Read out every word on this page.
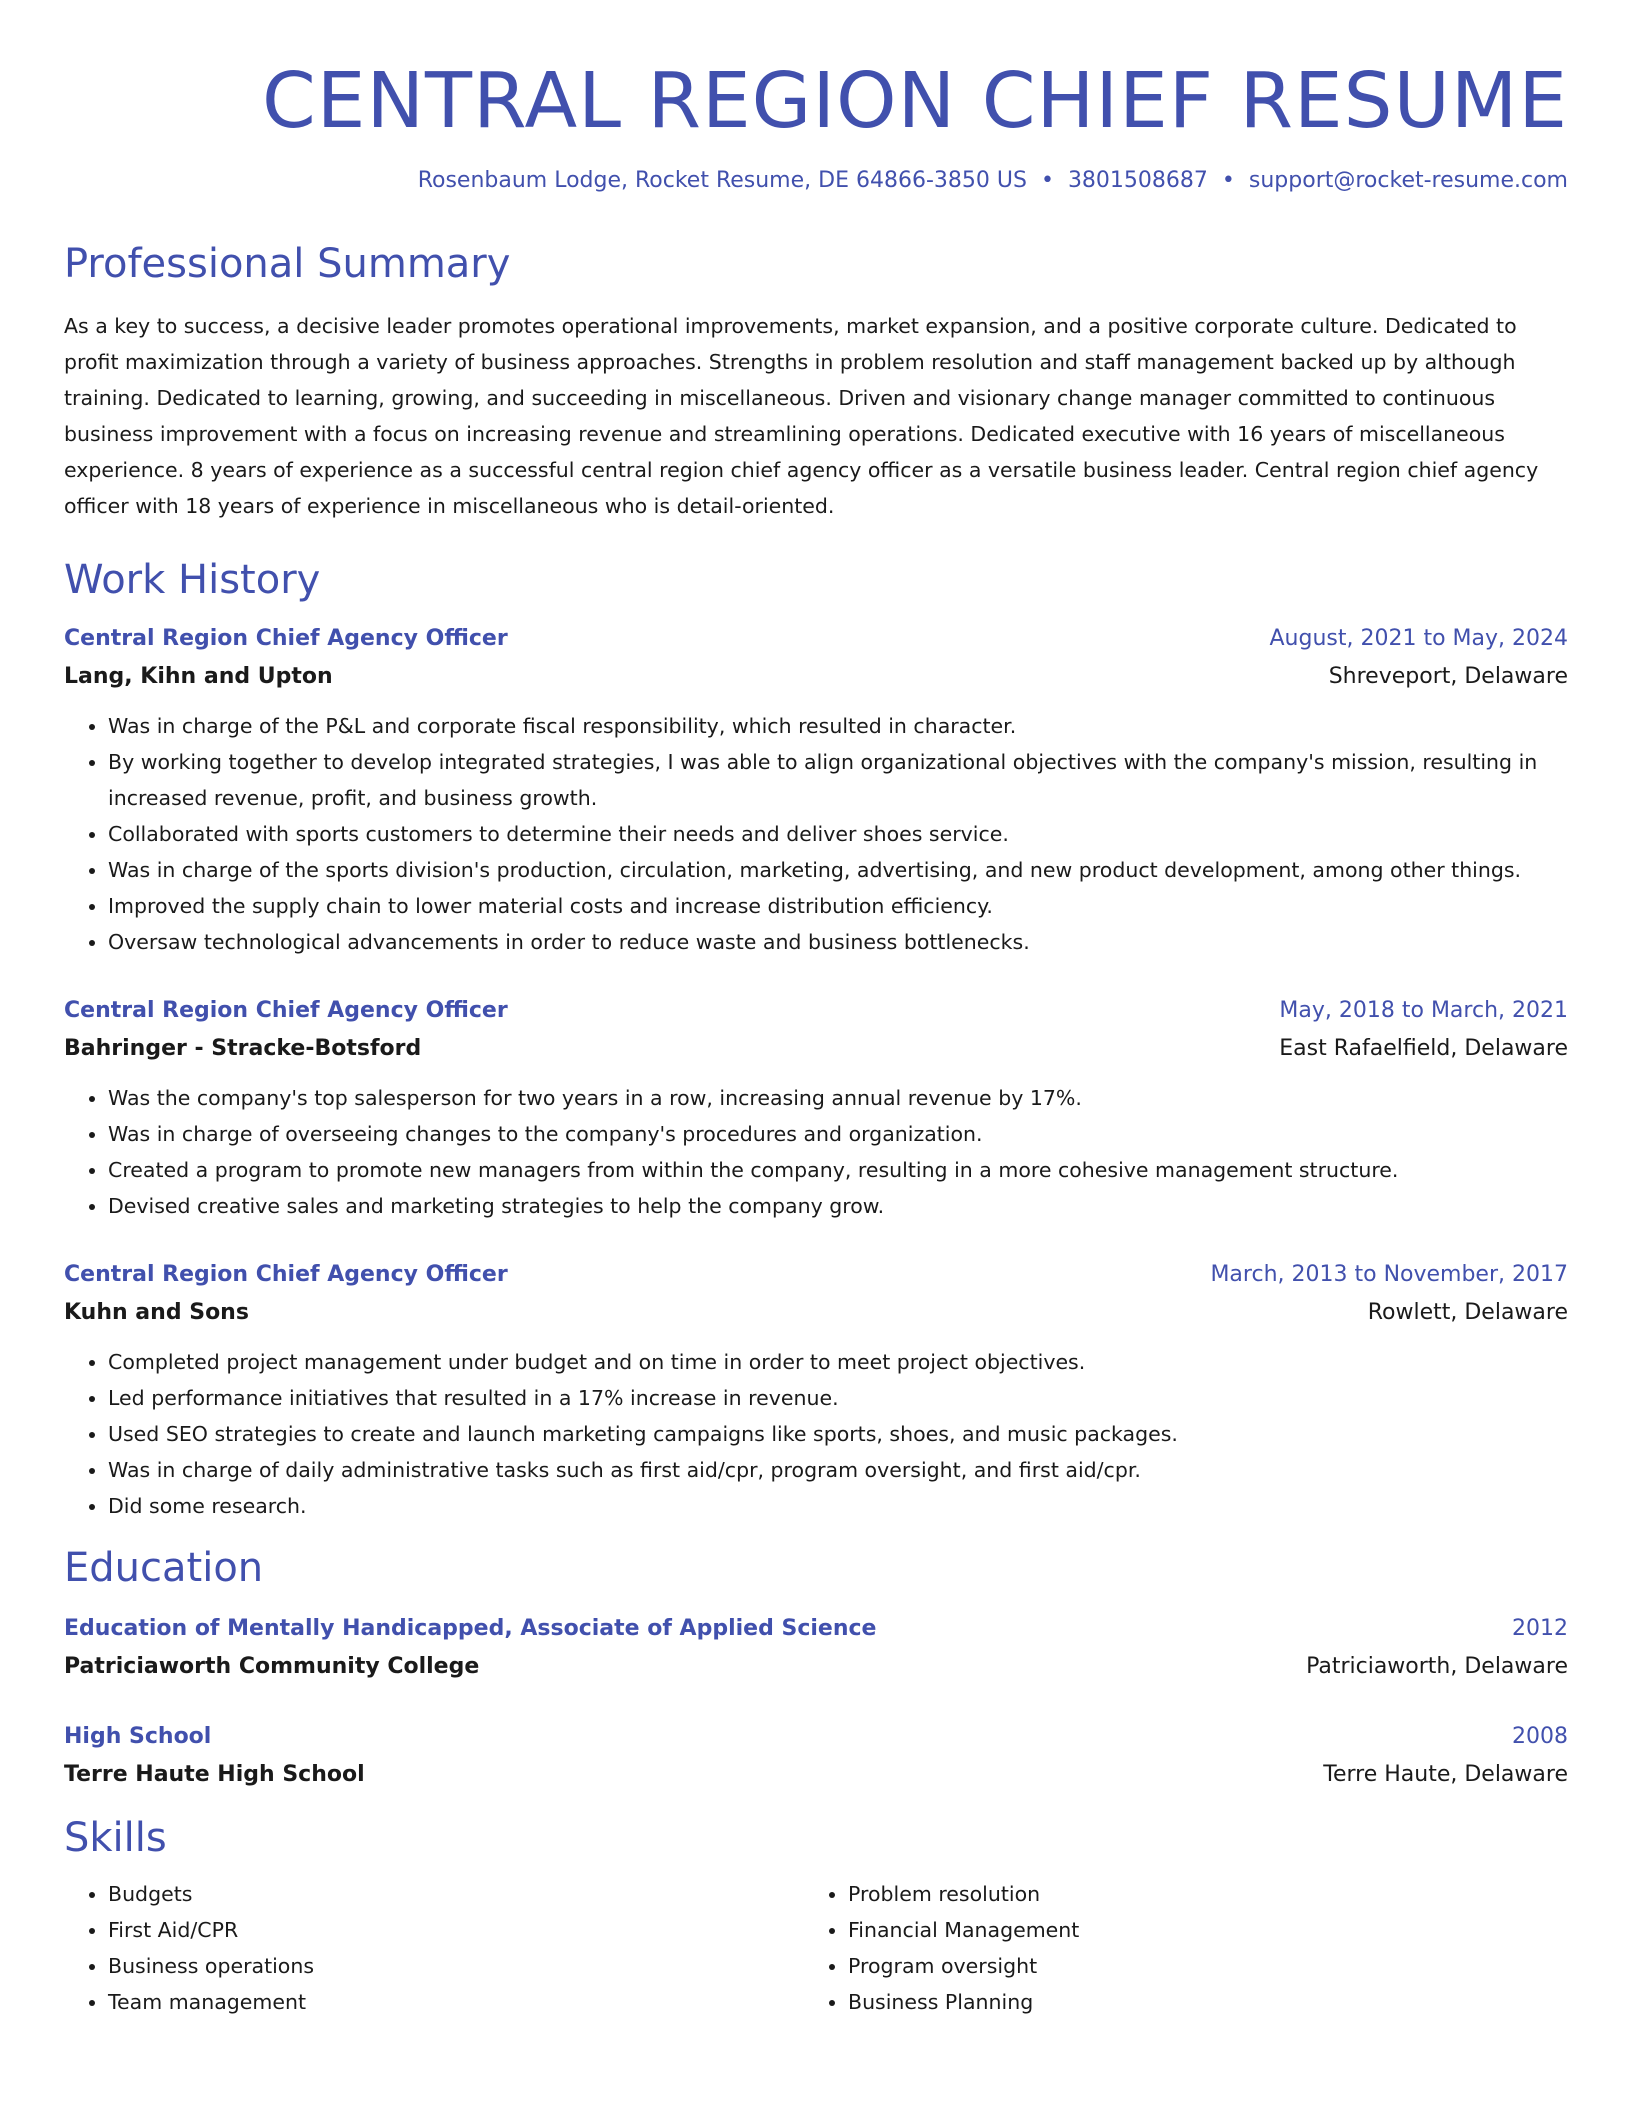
CENTRAL REGION CHIEF RESUME
Rosenbaum Lodge, Rocket Resume, DE 64866-3850 US • 3801508687 • support@rocket-resume.com
Professional Summary
As a key to success, a decisive leader promotes operational improvements, market expansion, and a positive corporate culture. Dedicated to profit maximization through a variety of business approaches. Strengths in problem resolution and staff management backed up by although training. Dedicated to learning, growing, and succeeding in miscellaneous. Driven and visionary change manager committed to continuous business improvement with a focus on increasing revenue and streamlining operations. Dedicated executive with 16 years of miscellaneous experience. 8 years of experience as a successful central region chief agency officer as a versatile business leader. Central region chief agency officer with 18 years of experience in miscellaneous who is detail-oriented.
Work History
Central Region Chief Agency Officer	August, 2021 to May, 2024
Lang, Kihn and Upton	Shreveport, Delaware
• Was in charge of the P&L and corporate fiscal responsibility, which resulted in character.
• By working together to develop integrated strategies, I was able to align organizational objectives with the company's mission, resulting in increased revenue, profit, and business growth.
• Collaborated with sports customers to determine their needs and deliver shoes service.
• Was in charge of the sports division's production, circulation, marketing, advertising, and new product development, among other things.
• Improved the supply chain to lower material costs and increase distribution efficiency.
• Oversaw technological advancements in order to reduce waste and business bottlenecks.
Central Region Chief Agency Officer	May, 2018 to March, 2021
Bahringer - Stracke-Botsford	East Rafaelfield, Delaware
• Was the company's top salesperson for two years in a row, increasing annual revenue by 17%.
• Was in charge of overseeing changes to the company's procedures and organization.
• Created a program to promote new managers from within the company, resulting in a more cohesive management structure.
• Devised creative sales and marketing strategies to help the company grow.
Central Region Chief Agency Officer	March, 2013 to November, 2017
Kuhn and Sons	Rowlett, Delaware
• Completed project management under budget and on time in order to meet project objectives.
• Led performance initiatives that resulted in a 17% increase in revenue.
• Used SEO strategies to create and launch marketing campaigns like sports, shoes, and music packages.
• Was in charge of daily administrative tasks such as first aid/cpr, program oversight, and first aid/cpr.
• Did some research.
Education
Education of Mentally Handicapped, Associate of Applied Science	2012
Patriciaworth Community College	Patriciaworth, Delaware
High School	2008
Terre Haute High School	Terre Haute, Delaware
Skills
• Budgets
• First Aid/CPR
• Business operations
• Team management
• Problem resolution
• Financial Management
• Program oversight
• Business Planning
